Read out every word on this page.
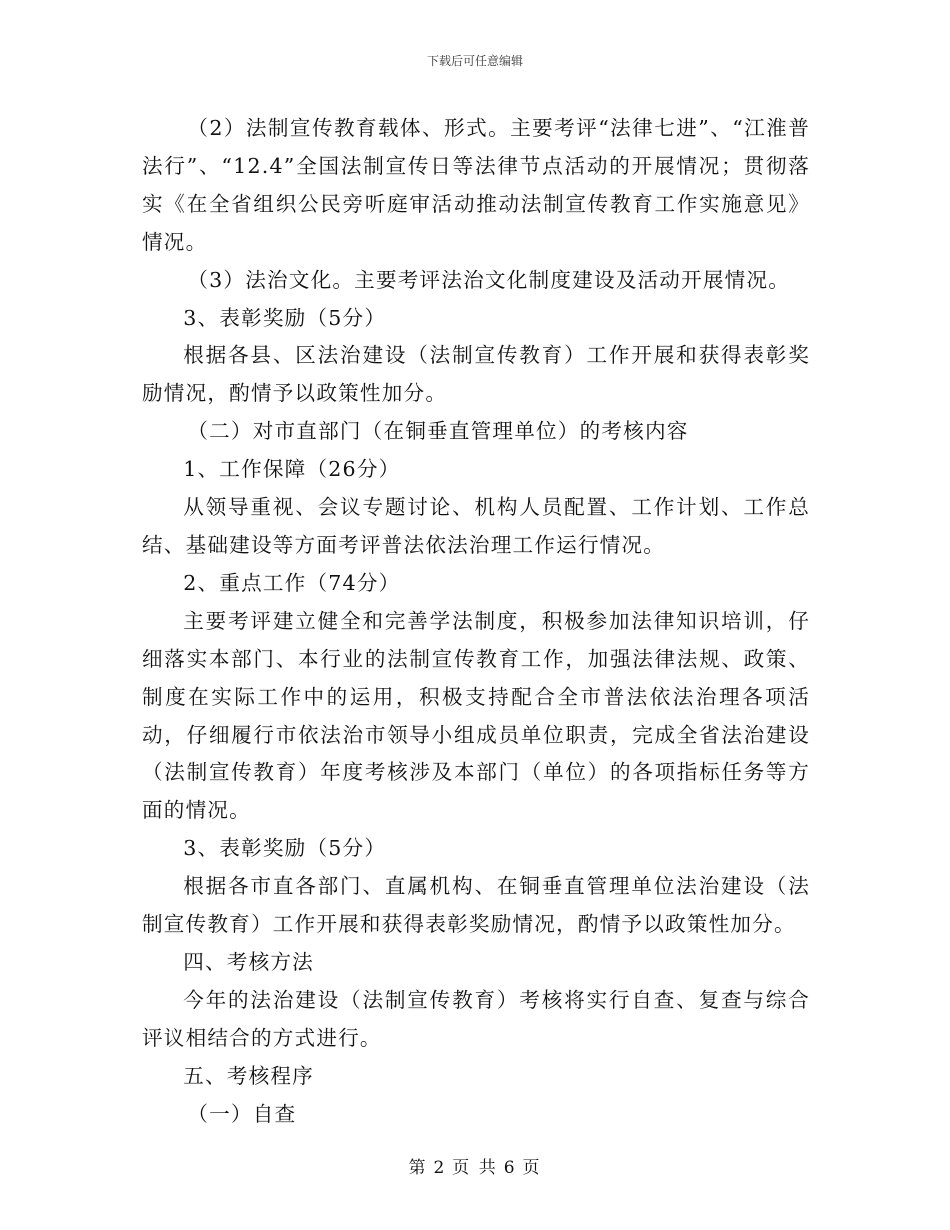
下载后可任意编辑

（2）法制宣传教育载体、形式。主要考评“法律七进”、“江淮普法行”、“12.4”全国法制宣传日等法律节点活动的开展情况；贯彻落实《在全省组织公民旁听庭审活动推动法制宣传教育工作实施意见》情况。

（3）法治文化。主要考评法治文化制度建设及活动开展情况。

3、表彰奖励（5分）

根据各县、区法治建设（法制宣传教育）工作开展和获得表彰奖励情况，酌情予以政策性加分。

（二）对市直部门（在铜垂直管理单位）的考核内容

1、工作保障（26分）

从领导重视、会议专题讨论、机构人员配置、工作计划、工作总结、基础建设等方面考评普法依法治理工作运行情况。

2、重点工作（74分）

主要考评建立健全和完善学法制度，积极参加法律知识培训，仔细落实本部门、本行业的法制宣传教育工作，加强法律法规、政策、制度在实际工作中的运用，积极支持配合全市普法依法治理各项活动，仔细履行市依法治市领导小组成员单位职责，完成全省法治建设（法制宣传教育）年度考核涉及本部门（单位）的各项指标任务等方面的情况。

3、表彰奖励（5分）

根据各市直各部门、直属机构、在铜垂直管理单位法治建设（法制宣传教育）工作开展和获得表彰奖励情况，酌情予以政策性加分。

四、考核方法

今年的法治建设（法制宣传教育）考核将实行自查、复查与综合评议相结合的方式进行。

五、考核程序

（一）自查

第 2 页 共 6 页
